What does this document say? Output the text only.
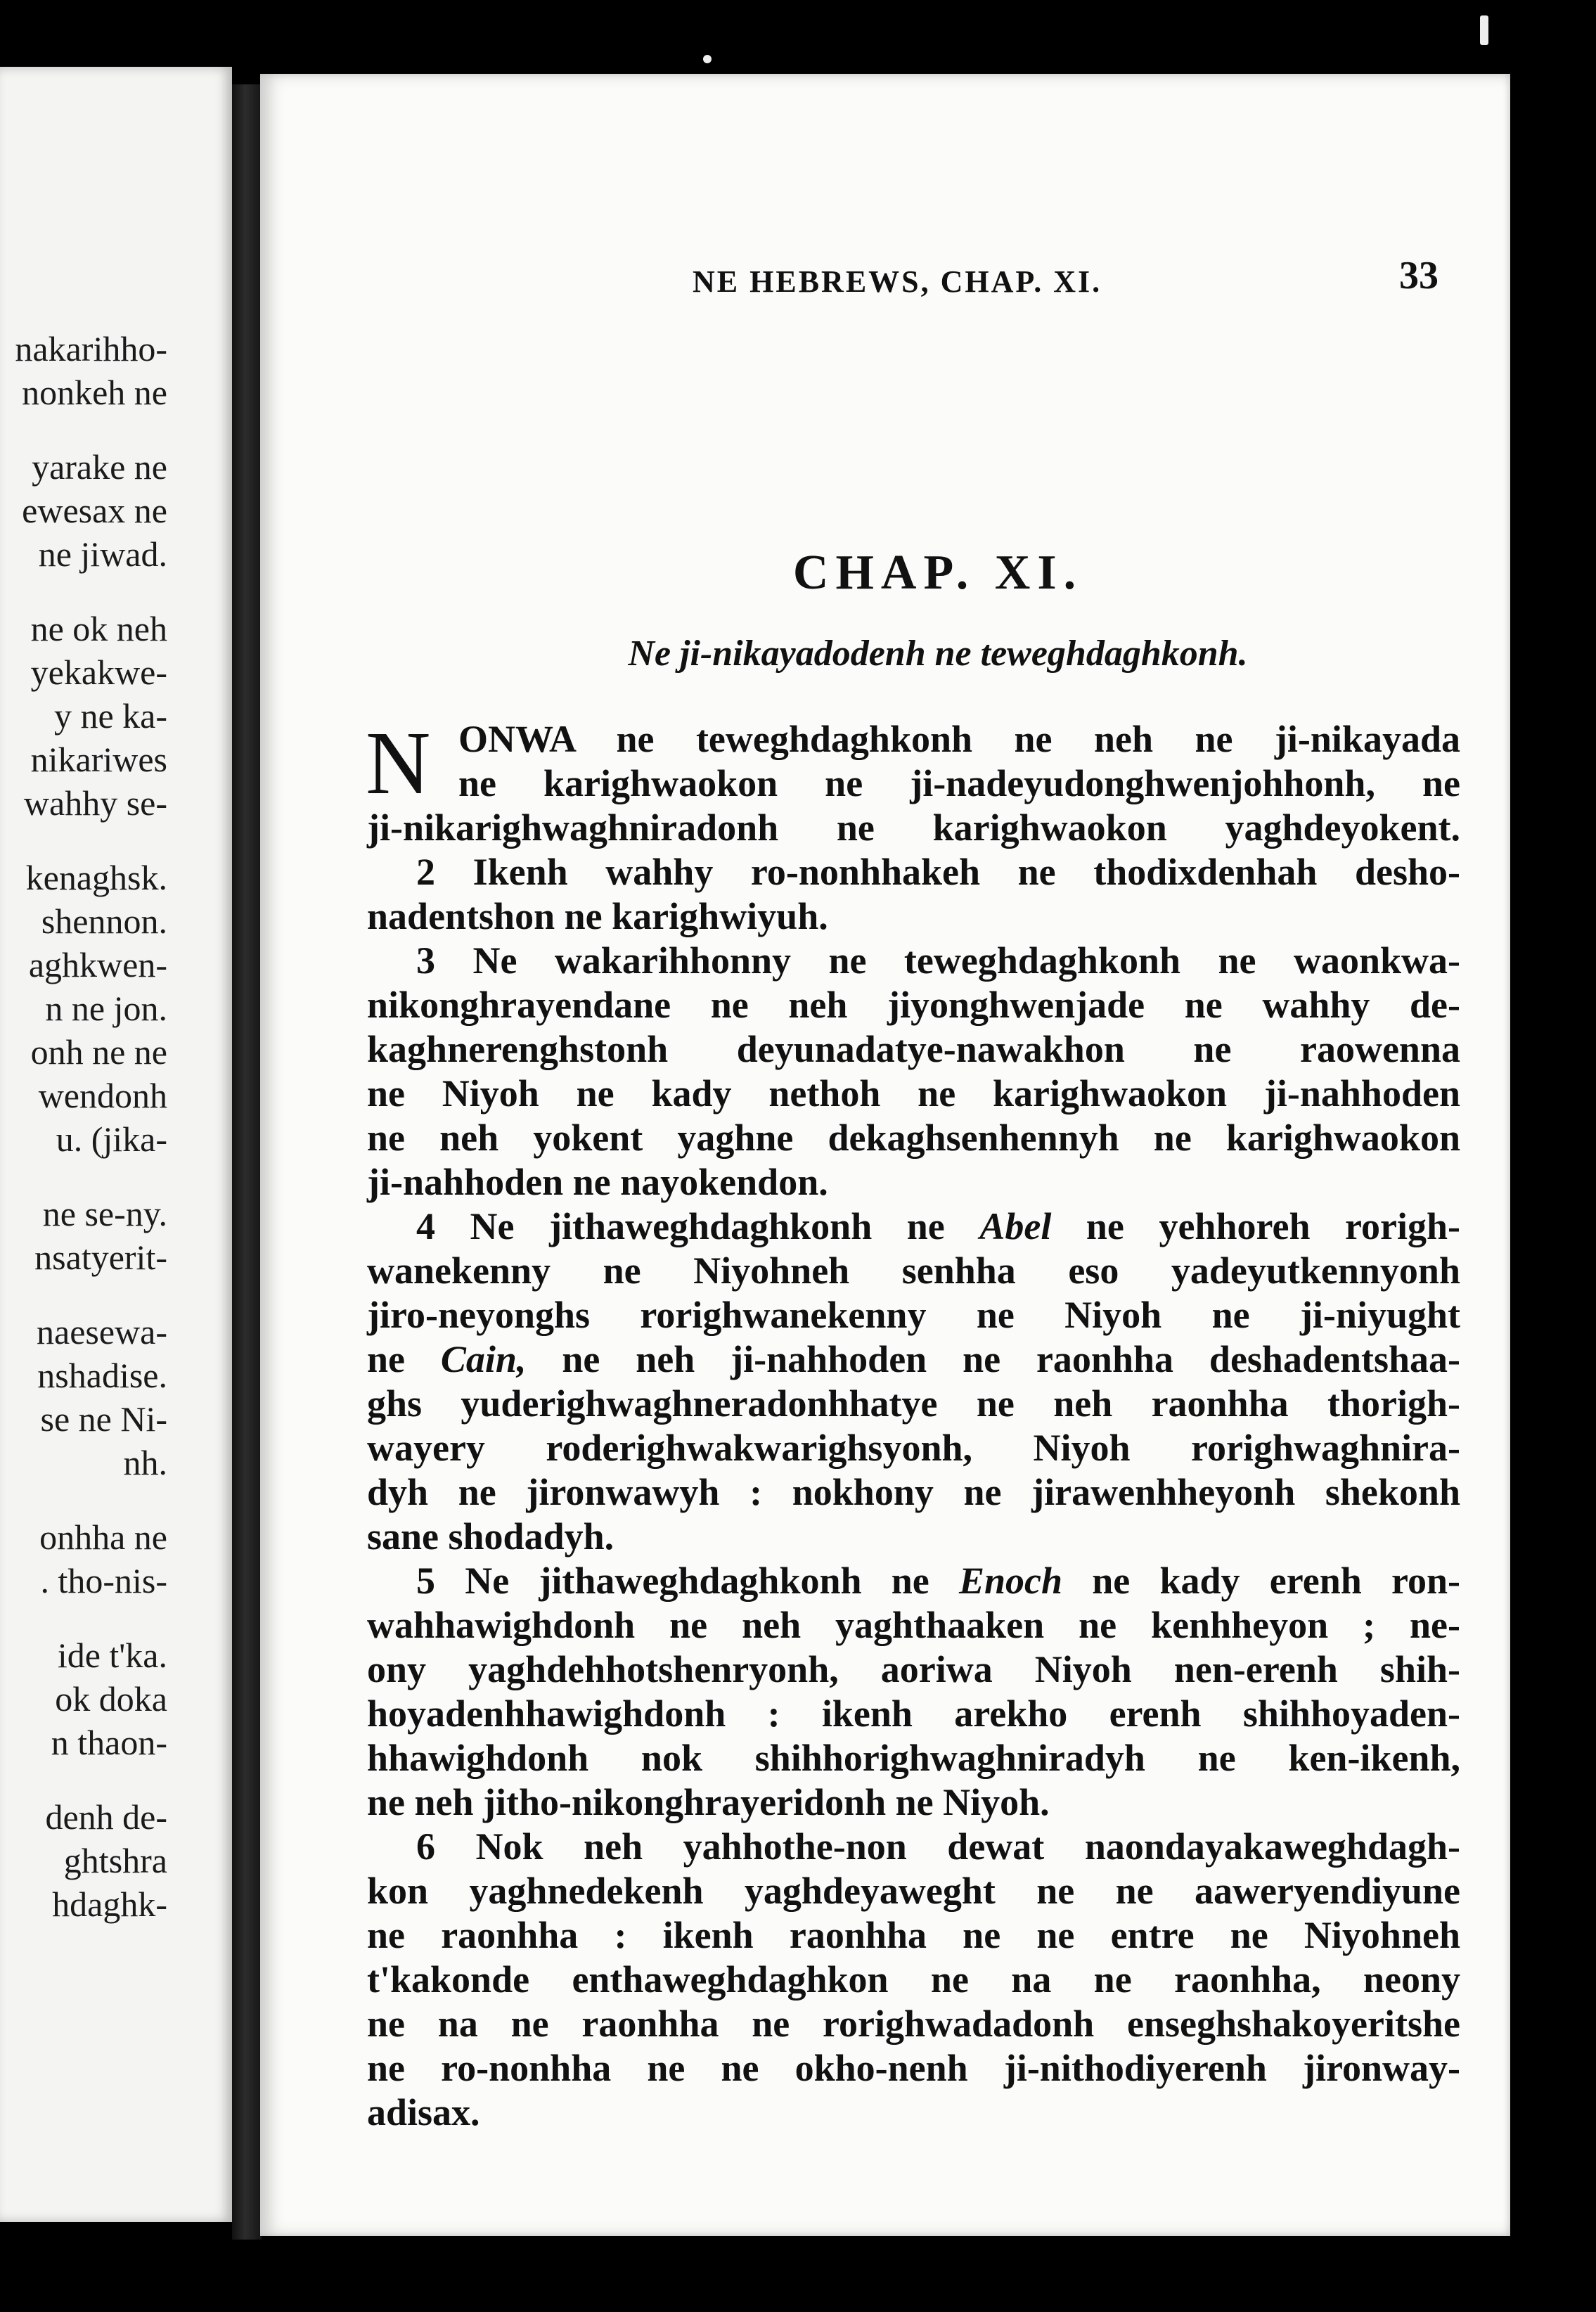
nakarihho-
nonkeh ne
yarake ne
ewesax ne
ne jiwad.
ne ok neh
yekakwe-
y ne ka-
nikariwes
wahhy se-
kenaghsk.
shennon.
aghkwen-
n ne jon.
onh ne ne
wendonh
u. (jika-
ne se-ny.
nsatyerit-
naesewa-
nshadise.
se ne Ni-
nh.
onhha ne
. tho-nis-
ide t'ka.
ok doka
n thaon-
denh de-
ghtshra
hdaghk-
NE HEBREWS, CHAP. XI.	33
CHAP. XI.
Ne ji-nikayadodenh ne teweghdaghkonh.
N ONWA ne teweghdaghkonh ne neh ne ji-nikayada
ne karighwaokon ne ji-nadeyudonghwenjohhonh, ne
ji-nikarighwaghniradonh ne karighwaokon yaghdeyokent.
2 Ikenh wahhy ro-nonhhakeh ne thodixdenhah desho-
nadentshon ne karighwiyuh.
3 Ne wakarihhonny ne teweghdaghkonh ne waonkwa-
nikonghrayendane ne neh jiyonghwenjade ne wahhy de-
kaghnerenghstonh deyunadatye-nawakhon ne raowenna
ne Niyoh ne kady nethoh ne karighwaokon ji-nahhoden
ne neh yokent yaghne dekaghsenhennyh ne karighwaokon
ji-nahhoden ne nayokendon.
4 Ne jithaweghdaghkonh ne Abel ne yehhoreh rorigh-
wanekenny ne Niyohneh senhha eso yadeyutkennyonh
jiro-neyonghs rorighwanekenny ne Niyoh ne ji-niyught
ne Cain, ne neh ji-nahhoden ne raonhha deshadentshaa-
ghs yuderighwaghneradonhhatye ne neh raonhha thorigh-
wayery roderighwakwarighsyonh, Niyoh rorighwaghnira-
dyh ne jironwawyh : nokhony ne jirawenhheyonh shekonh
sane shodadyh.
5 Ne jithaweghdaghkonh ne Enoch ne kady erenh ron-
wahhawighdonh ne neh yaghthaaken ne kenhheyon ; ne-
ony yaghdehhotshenryonh, aoriwa Niyoh nen-erenh shih-
hoyadenhhawighdonh : ikenh arekho erenh shihhoyaden-
hhawighdonh nok shihhorighwaghniradyh ne ken-ikenh,
ne neh jitho-nikonghrayeridonh ne Niyoh.
6 Nok neh yahhothe-non dewat naondayakaweghdagh-
kon yaghnedekenh yaghdeyaweght ne ne aaweryendiyune
ne raonhha : ikenh raonhha ne ne entre ne Niyohneh
t'kakonde enthaweghdaghkon ne na ne raonhha, neony
ne na ne raonhha ne rorighwadadonh enseghshakoyeritshe
ne ro-nonhha ne ne okho-nenh ji-nithodiyerenh jironway-
adisax.
